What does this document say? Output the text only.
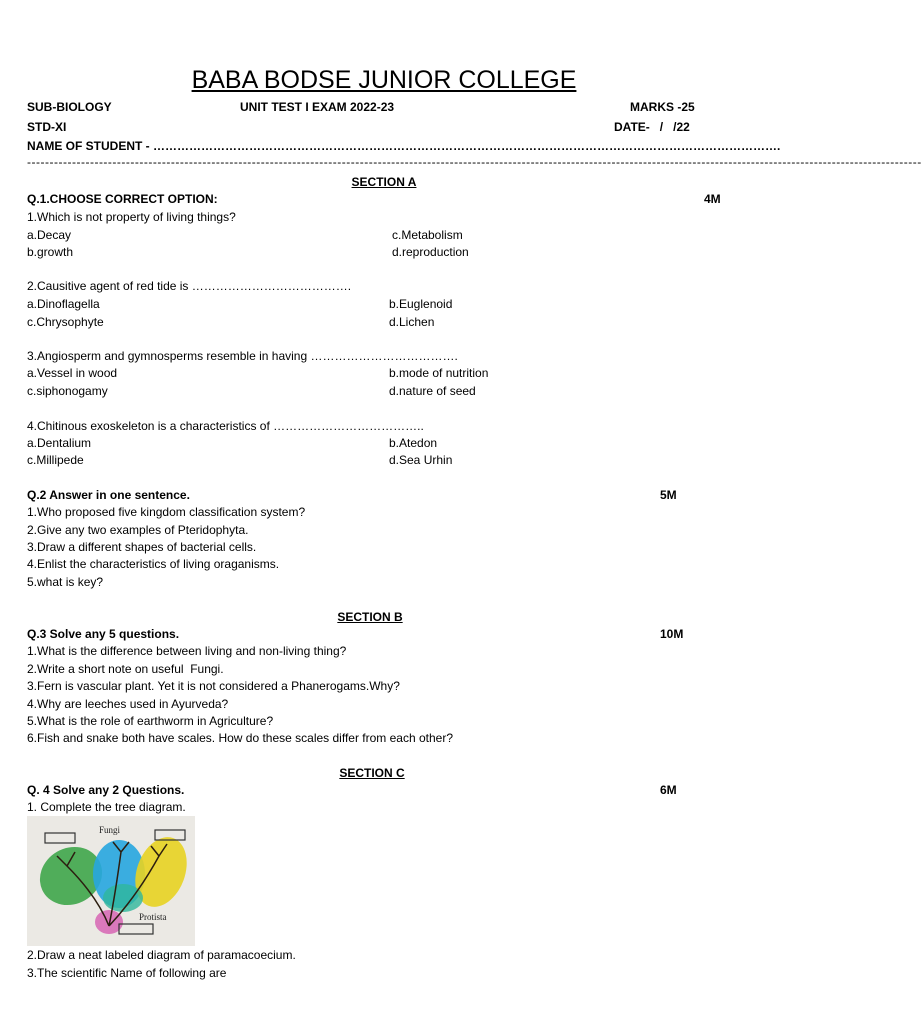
BABA BODSE JUNIOR COLLEGE
SUB-BIOLOGY	UNIT TEST I EXAM 2022-23	MARKS -25
STD-XI	DATE-   /   /22
NAME OF STUDENT - ………………………………………………………………………………………………………………………………………….
-------------------------------------------------------------------------------------------------------------------------------------------------------------------------------------------------------
SECTION A
Q.1.CHOOSE CORRECT OPTION:	4M
1.Which is not property of living things?
a.Decay	c.Metabolism
b.growth	d.reproduction
2.Causitive agent of red tide is ………………………………….
a.Dinoflagella	b.Euglenoid
c.Chrysophyte	d.Lichen
3.Angiosperm and gymnosperms resemble in having ……………………………….
a.Vessel in wood	b.mode of nutrition
c.siphonogamy	d.nature of seed
4.Chitinous exoskeleton is a characteristics of ………………………………..
a.Dentalium	b.Atedon
c.Millipede	d.Sea Urhin
Q.2 Answer in one sentence.	5M
1.Who proposed five kingdom classification system?
2.Give any two examples of Pteridophyta.
3.Draw a different shapes of bacterial cells.
4.Enlist the characteristics of living oraganisms.
5.what is key?
SECTION B
Q.3 Solve any 5 questions.	10M
1.What is the difference between living and non-living thing?
2.Write a short note on useful  Fungi.
3.Fern is vascular plant. Yet it is not considered a Phanerogams.Why?
4.Why are leeches used in Ayurveda?
5.What is the role of earthworm in Agriculture?
6.Fish and snake both have scales. How do these scales differ from each other?
SECTION C
Q. 4 Solve any 2 Questions.	6M
1. Complete the tree diagram.
Fungi
Protista
2.Draw a neat labeled diagram of paramacoecium.
3.The scientific Name of following are
